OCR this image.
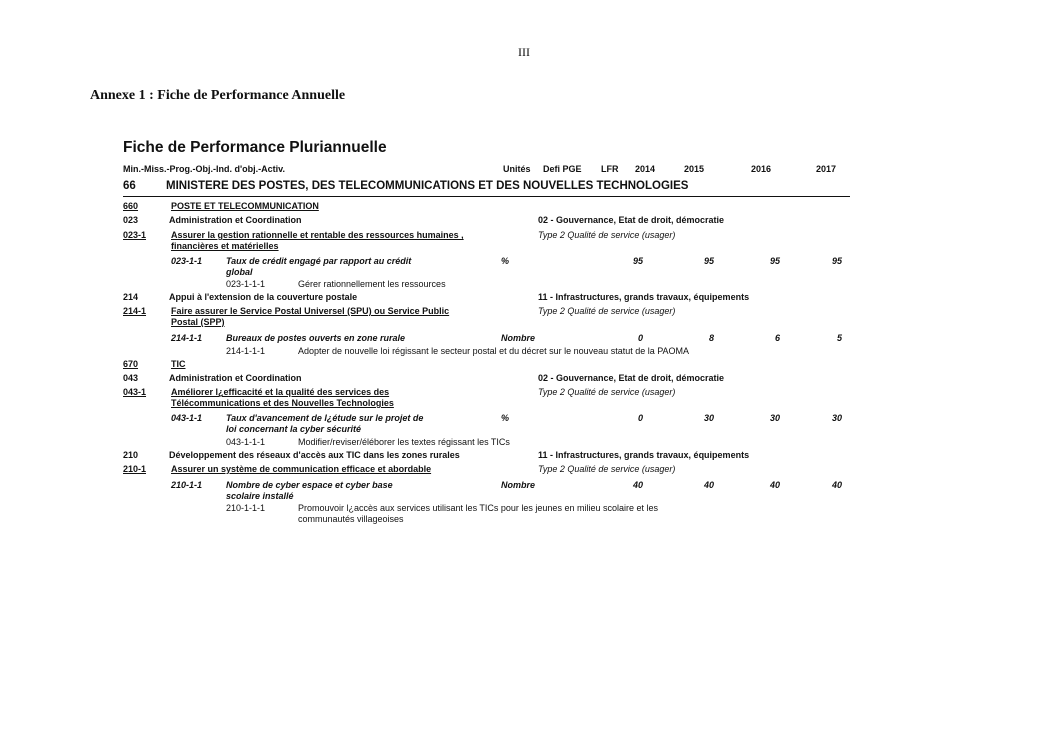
III
Annexe 1 : Fiche de Performance Annuelle
Fiche de Performance Pluriannuelle
Min.-Miss.-Prog.-Obj.-Ind. d'obj.-Activ.	Unités Defi PGE LFR 2014	2015	2016	2017
66	MINISTERE DES POSTES, DES TELECOMMUNICATIONS ET DES NOUVELLES TECHNOLOGIES
660	POSTE ET TELECOMMUNICATION
023	Administration et Coordination	02 - Gouvernance, Etat de droit, démocratie
023-1	Assurer la gestion rationnelle et rentable des ressources humaines ,
financières et matérielles
Type 2 Qualité de service (usager)
023-1-1	Taux de crédit engagé par rapport au crédit
global
%	95	95	95	95
023-1-1-1	Gérer rationnellement les ressources
214	Appui à l'extension de la couverture postale	11 - Infrastructures, grands travaux, équipements
214-1	Faire assurer le Service Postal Universel (SPU) ou Service Public
Postal (SPP)
Type 2 Qualité de service (usager)
214-1-1	Bureaux de postes ouverts en zone rurale	Nombre	0	8	6	5
214-1-1-1	Adopter de nouvelle loi régissant le secteur postal et du décret sur le nouveau statut de la PAOMA
670	TIC
043	Administration et Coordination	02 - Gouvernance, Etat de droit, démocratie
043-1	Améliorer l¿efficacité et la qualité des services des
Télécommunications et des Nouvelles Technologies
Type 2 Qualité de service (usager)
043-1-1	Taux d'avancement de l¿étude sur le projet de
loi concernant la cyber sécurité
%	0	30	30	30
043-1-1-1	Modifier/reviser/éléborer les textes régissant les TICs
210	Développement des réseaux d'accès aux TIC dans les zones rurales	11 - Infrastructures, grands travaux, équipements
210-1	Assurer un système de communication efficace et abordable	Type 2 Qualité de service (usager)
210-1-1	Nombre de cyber espace et cyber base
scolaire installé
Nombre	40	40	40	40
210-1-1-1	Promouvoir l¿accès aux services utilisant les TICs pour les jeunes en milieu scolaire et les
communautés villageoises
